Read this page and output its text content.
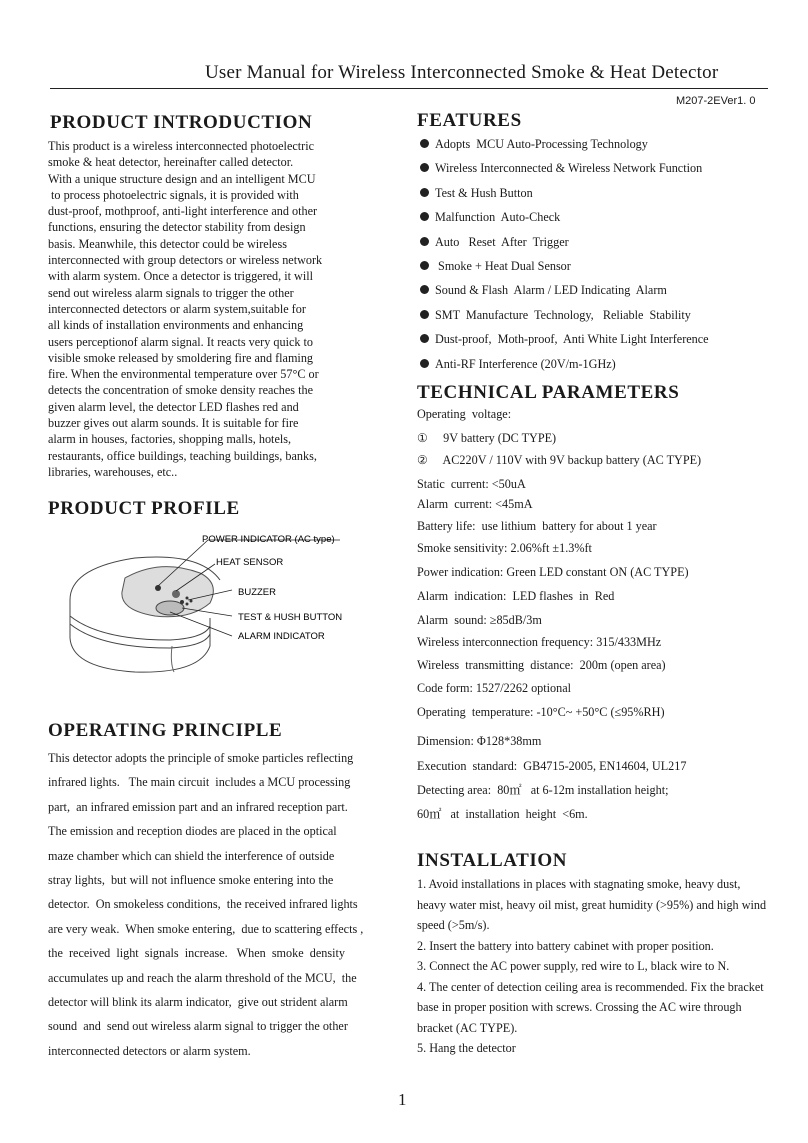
User Manual for Wireless Interconnected Smoke & Heat Detector
M207-2EVer1. 0
PRODUCT INTRODUCTION
This product is a wireless interconnected photoelectric
smoke & heat detector, hereinafter called detector.
With a unique structure design and an intelligent MCU
to process photoelectric signals, it is provided with
dust-proof, mothproof, anti-light interference and other
functions, ensuring the detector stability from design
basis. Meanwhile, this detector could be wireless
interconnected with group detectors or wireless network
with alarm system. Once a detector is triggered, it will
send out wireless alarm signals to trigger the other
interconnected detectors or alarm system,suitable for
all kinds of installation environments and enhancing
users perceptionof alarm signal. It reacts very quick to
visible smoke released by smoldering fire and flaming
fire. When the environmental temperature over 57°C or
detects the concentration of smoke density reaches the
given alarm level, the detector LED flashes red and
buzzer gives out alarm sounds. It is suitable for fire
alarm in houses, factories, shopping malls, hotels,
restaurants, office buildings, teaching buildings, banks,
libraries, warehouses, etc..
PRODUCT PROFILE
POWER INDICATOR (AC type)
HEAT SENSOR
BUZZER
TEST & HUSH BUTTON
ALARM INDICATOR
OPERATING PRINCIPLE
This detector adopts the principle of smoke particles reflecting
infrared lights.   The main circuit  includes a MCU processing
part,  an infrared emission part and an infrared reception part.
The emission and reception diodes are placed in the optical
maze chamber which can shield the interference of outside
stray lights,  but will not influence smoke entering into the
detector.  On smokeless conditions,  the received infrared lights
are very weak.  When smoke entering,  due to scattering effects ,
the  received  light  signals  increase.   When  smoke  density
accumulates up and reach the alarm threshold of the MCU,  the
detector will blink its alarm indicator,  give out strident alarm
sound  and  send out wireless alarm signal to trigger the other
interconnected detectors or alarm system.
FEATURES
Adopts  MCU Auto-Processing Technology
Wireless Interconnected & Wireless Network Function
Test & Hush Button
Malfunction  Auto-Check
Auto   Reset  After  Trigger
Smoke + Heat Dual Sensor
Sound & Flash  Alarm / LED Indicating  Alarm
SMT  Manufacture  Technology,   Reliable  Stability
Dust-proof,  Moth-proof,  Anti White Light Interference
Anti-RF Interference (20V/m-1GHz)
TECHNICAL PARAMETERS
Operating  voltage:
①     9V battery (DC TYPE)
②     AC220V / 110V with 9V backup battery (AC TYPE)
Static  current: <50uA
Alarm  current: <45mA
Battery life:  use lithium  battery for about 1 year
Smoke sensitivity: 2.06%ft ±1.3%ft
Power indication: Green LED constant ON (AC TYPE)
Alarm  indication:  LED flashes  in  Red
Alarm  sound: ≥85dB/3m
Wireless interconnection frequency: 315/433MHz
Wireless  transmitting  distance:  200m (open area)
Code form: 1527/2262 optional
Operating  temperature: -10°C~ +50°C (≤95%RH)
Dimension: Φ128*38mm
Execution  standard:  GB4715-2005, EN14604, UL217
Detecting area:  80㎡   at 6-12m installation height;
60㎡   at  installation  height  <6m.
INSTALLATION
1. Avoid installations in places with stagnating smoke, heavy dust, heavy water mist, heavy oil mist, great humidity (>95%) and high wind speed (>5m/s).
2. Insert the battery into battery cabinet with proper position.
3. Connect the AC power supply, red wire to L, black wire to N.
4. The center of detection ceiling area is recommended. Fix the bracket base in proper position with screws. Crossing the AC wire through bracket (AC TYPE).
5. Hang the detector
1
